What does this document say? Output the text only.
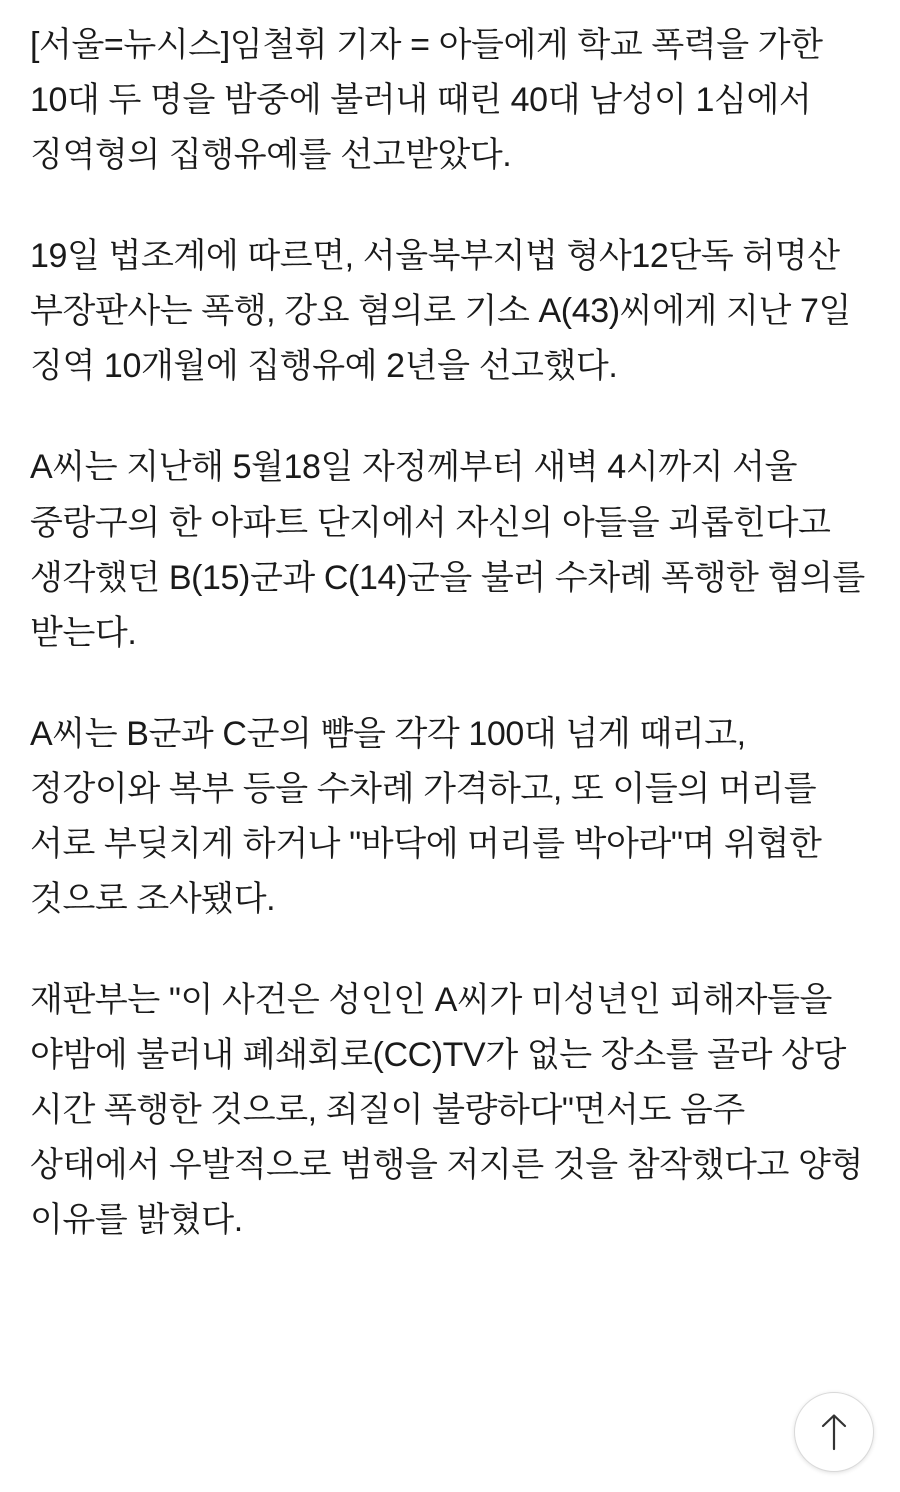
[서울=뉴시스]임철휘 기자 = 아들에게 학교 폭력을 가한 10대 두 명을 밤중에 불러내 때린 40대 남성이 1심에서 징역형의 집행유예를 선고받았다.

19일 법조계에 따르면, 서울북부지법 형사12단독 허명산 부장판사는 폭행, 강요 혐의로 기소 A(43)씨에게 지난 7일 징역 10개월에 집행유예 2년을 선고했다.

A씨는 지난해 5월18일 자정께부터 새벽 4시까지 서울 중랑구의 한 아파트 단지에서 자신의 아들을 괴롭힌다고 생각했던 B(15)군과 C(14)군을 불러 수차례 폭행한 혐의를 받는다.

A씨는 B군과 C군의 뺨을 각각 100대 넘게 때리고, 정강이와 복부 등을 수차례 가격하고, 또 이들의 머리를 서로 부딪치게 하거나 "바닥에 머리를 박아라"며 위협한 것으로 조사됐다.

재판부는 "이 사건은 성인인 A씨가 미성년인 피해자들을 야밤에 불러내 폐쇄회로(CC)TV가 없는 장소를 골라 상당 시간 폭행한 것으로, 죄질이 불량하다"면서도 음주 상태에서 우발적으로 범행을 저지른 것을 참작했다고 양형 이유를 밝혔다.
